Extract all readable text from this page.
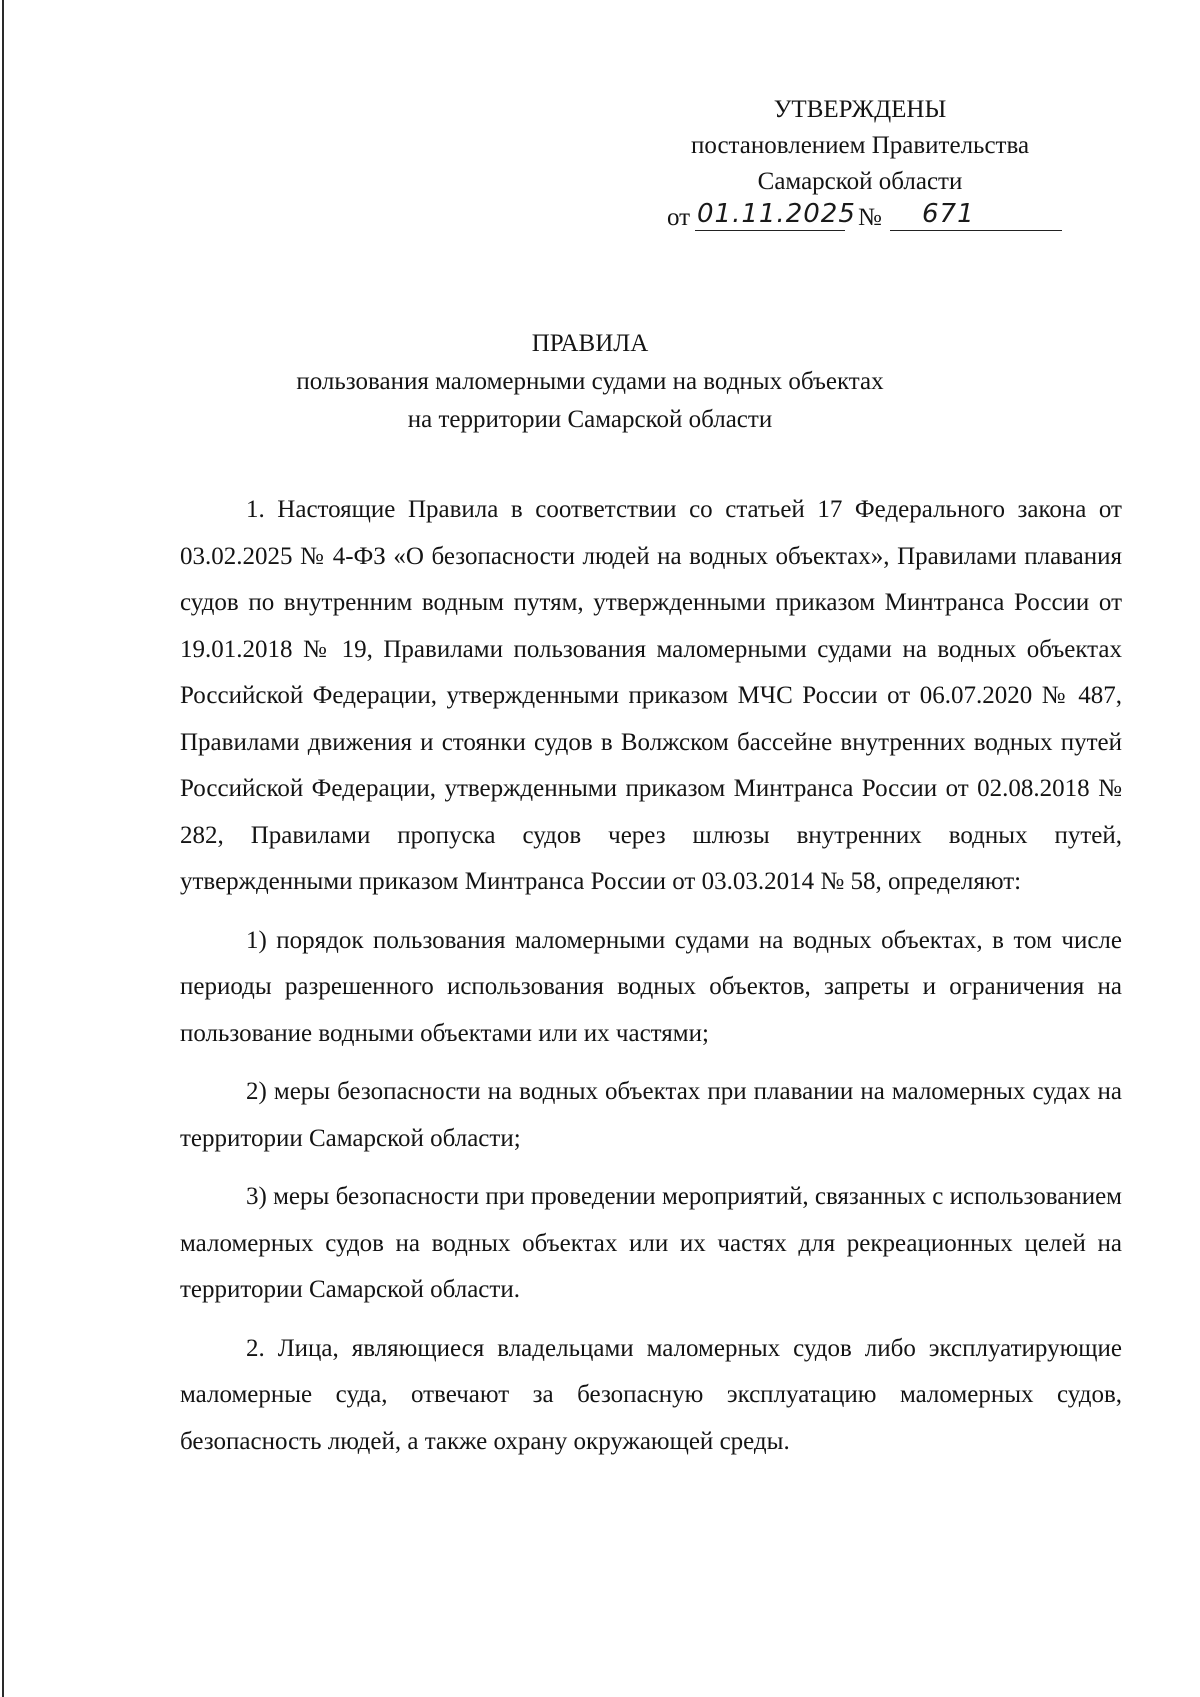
УТВЕРЖДЕНЫ
постановлением Правительства
Самарской области
от 01.11.2025 № 671
ПРАВИЛА
пользования маломерными судами на водных объектах
на территории Самарской области

1. Настоящие Правила в соответствии со статьей 17 Федерального закона от 03.02.2025 № 4-ФЗ «О безопасности людей на водных объектах», Правилами плавания судов по внутренним водным путям, утвержденными приказом Минтранса России от 19.01.2018 № 19, Правилами пользования маломерными судами на водных объектах Российской Федерации, утвержденными приказом МЧС России от 06.07.2020 № 487, Правилами движения и стоянки судов в Волжском бассейне внутренних водных путей Российской Федерации, утвержденными приказом Минтранса России от 02.08.2018 № 282, Правилами пропуска судов через шлюзы внутренних водных путей, утвержденными приказом Минтранса России от 03.03.2014 № 58, определяют:

1) порядок пользования маломерными судами на водных объектах, в том числе периоды разрешенного использования водных объектов, запреты и ограничения на пользование водными объектами или их частями;

2) меры безопасности на водных объектах при плавании на маломерных судах на территории Самарской области;

3) меры безопасности при проведении мероприятий, связанных с использованием маломерных судов на водных объектах или их частях для рекреационных целей на территории Самарской области.

2. Лица, являющиеся владельцами маломерных судов либо эксплуатирующие маломерные суда, отвечают за безопасную эксплуатацию маломерных судов, безопасность людей, а также охрану окружающей среды.
